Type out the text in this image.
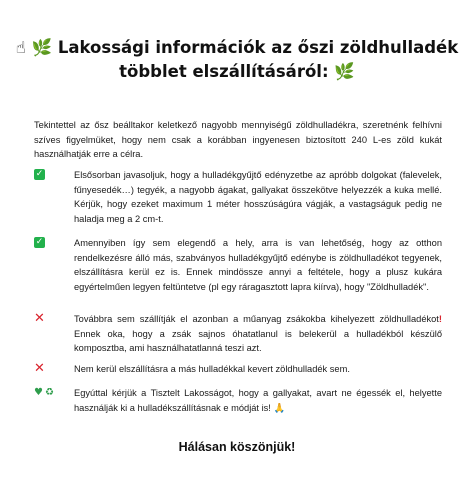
☝ 🌿 Lakossági információk az őszi zöldhulladék
többlet elszállításáról: 🌿
Tekintettel az ősz beálltakor keletkező nagyobb mennyiségű zöldhulladékra, szeretnénk felhívni szíves figyelmüket, hogy nem csak a korábban ingyenesen biztosított 240 L-es zöld kukát használhatják erre a célra.
✓	Elsősorban javasoljuk, hogy a hulladékgyűjtő edényzetbe az apróbb dolgokat (falevelek, fűnyesedék…) tegyék, a nagyobb ágakat, gallyakat összekötve helyezzék a kuka mellé. Kérjük, hogy ezeket maximum 1 méter hosszúságúra vágják, a vastagságuk pedig ne haladja meg a 2 cm-t.
✓	Amennyiben így sem elegendő a hely, arra is van lehetőség, hogy az otthon rendelkezésre álló más, szabványos hulladékgyűjtő edénybe is zöldhulladékot tegyenek, elszállításra kerül ez is. Ennek mindössze annyi a feltétele, hogy a plusz kukára egyértelműen legyen feltüntetve (pl egy ráragasztott lapra kiírva), hogy "Zöldhulladék".
✕	Továbbra sem szállítják el azonban a műanyag zsákokba kihelyezett zöldhulladékot! Ennek oka, hogy a zsák sajnos óhatatlanul is belekerül a hulladékból készülő komposztba, ami használhatatlanná teszi azt.
✕	Nem kerül elszállításra a más hulladékkal kevert zöldhulladék sem.
♥ ♻ Egyúttal kérjük a Tisztelt Lakosságot, hogy a gallyakat, avart ne égessék el, helyette használják ki a hulladékszállításnak e módját is! 🙏
Hálásan köszönjük!
